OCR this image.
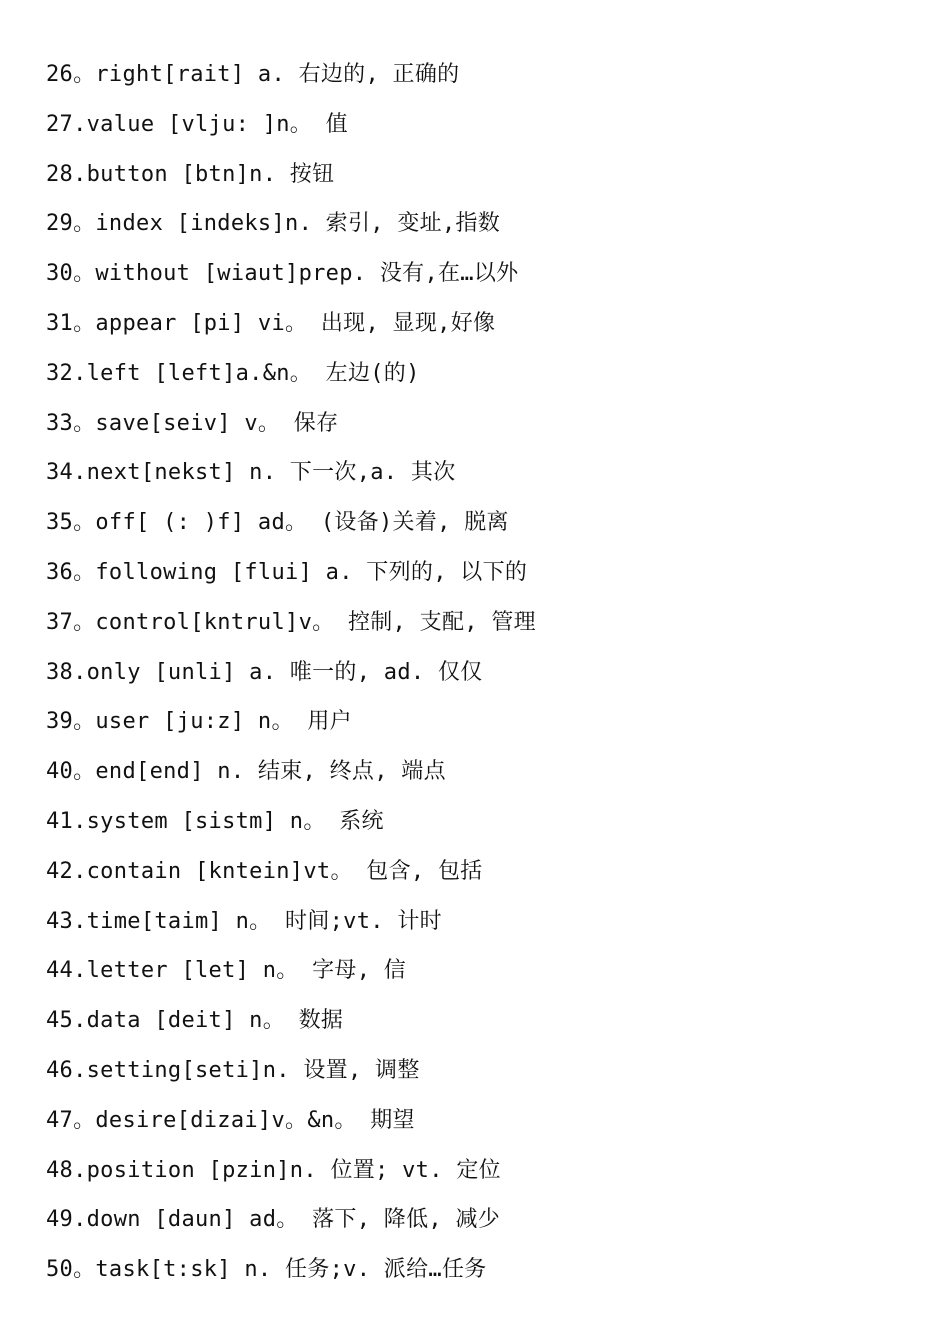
26。right[rait] a. 右边的, 正确的
27.value [vlju: ]n。 值
28.button [btn]n. 按钮
29。index [indeks]n. 索引, 变址,指数
30。without [wiaut]prep. 没有,在…以外
31。appear [pi] vi。 出现, 显现,好像
32.left [left]a.&n。 左边(的)
33。save[seiv] v。 保存
34.next[nekst] n. 下一次,a. 其次
35。off[ (: )f] ad。 (设备)关着, 脱离
36。following [flui] a. 下列的, 以下的
37。control[kntrul]v。 控制, 支配, 管理
38.only [unli] a. 唯一的, ad. 仅仅
39。user [ju:z] n。 用户
40。end[end] n. 结束, 终点, 端点
41.system [sistm] n。 系统
42.contain [kntein]vt。 包含, 包括
43.time[taim] n。 时间;vt. 计时
44.letter [let] n。 字母, 信
45.data [deit] n。 数据
46.setting[seti]n. 设置, 调整
47。desire[dizai]v。&n。 期望
48.position [pzin]n. 位置; vt. 定位
49.down [daun] ad。 落下, 降低, 减少
50。task[t:sk] n. 任务;v. 派给…任务
